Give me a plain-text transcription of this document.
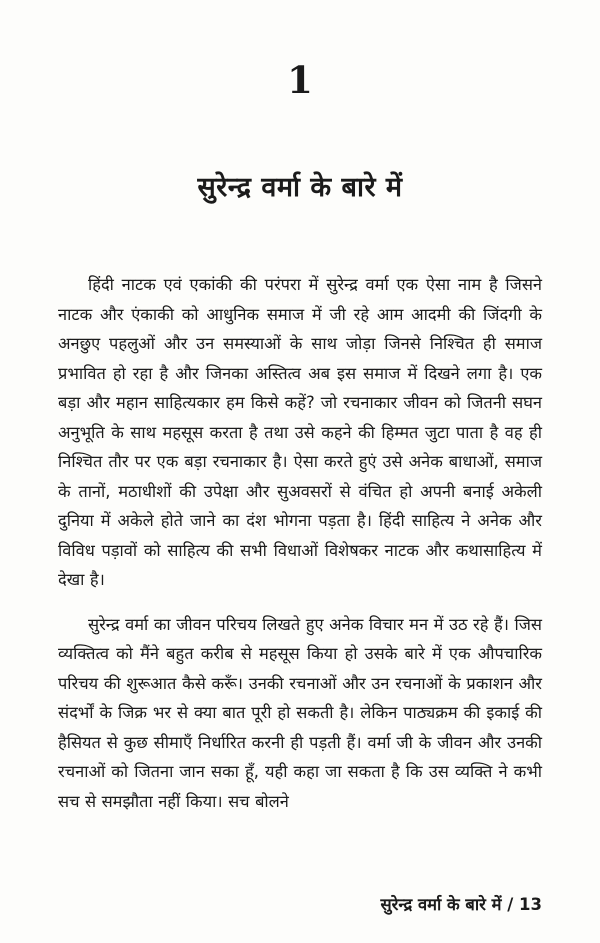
1
सुरेन्द्र वर्मा के बारे में

हिंदी नाटक एवं एकांकी की परंपरा में सुरेन्द्र वर्मा एक ऐसा नाम है जिसने नाटक और एंकाकी को आधुनिक समाज में जी रहे आम आदमी की जिंदगी के अनछुए पहलुओं और उन समस्याओं के साथ जोड़ा जिनसे निश्चित ही समाज प्रभावित हो रहा है और जिनका अस्तित्व अब इस समाज में दिखने लगा है। एक बड़ा और महान साहित्यकार हम किसे कहें? जो रचनाकार जीवन को जितनी सघन अनुभूति के साथ महसूस करता है तथा उसे कहने की हिम्मत जुटा पाता है वह ही निश्चित तौर पर एक बड़ा रचनाकार है। ऐसा करते हुएं उसे अनेक बाधाओं, समाज के तानों, मठाधीशों की उपेक्षा और सुअवसरों से वंचित हो अपनी बनाई अकेली दुनिया में अकेले होते जाने का दंश भोगना पड़ता है। हिंदी साहित्य ने अनेक और विविध पड़ावों को साहित्य की सभी विधाओं विशेषकर नाटक और कथासाहित्य में देखा है।

सुरेन्द्र वर्मा का जीवन परिचय लिखते हुए अनेक विचार मन में उठ रहे हैं। जिस व्यक्तित्व को मैंने बहुत करीब से महसूस किया हो उसके बारे में एक औपचारिक परिचय की शुरूआत कैसे करूँ। उनकी रचनाओं और उन रचनाओं के प्रकाशन और संदर्भों के जिक्र भर से क्या बात पूरी हो सकती है। लेकिन पाठ्यक्रम की इकाई की हैसियत से कुछ सीमाएँ निर्धारित करनी ही पड़ती हैं। वर्मा जी के जीवन और उनकी रचनाओं को जितना जान सका हूँ, यही कहा जा सकता है कि उस व्यक्ति ने कभी सच से समझौता नहीं किया। सच बोलने

सुरेन्द्र वर्मा के बारे में / 13
